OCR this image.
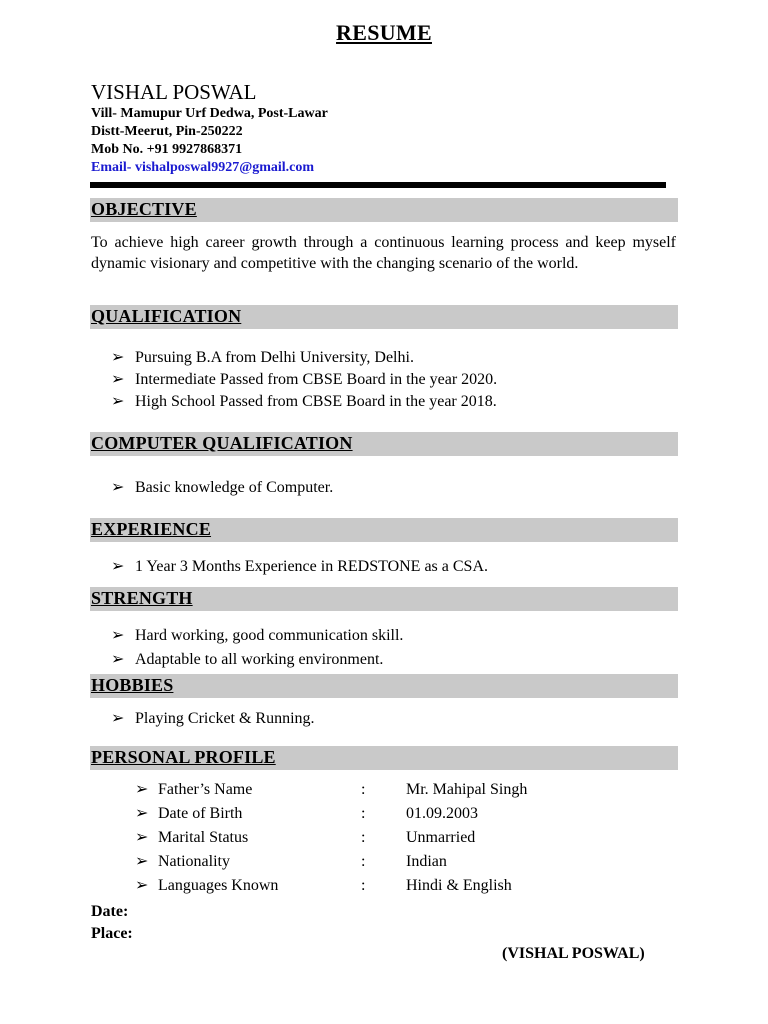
RESUME
VISHAL POSWAL
Vill- Mamupur Urf Dedwa, Post-Lawar
Distt-Meerut, Pin-250222
Mob No. +91 9927868371
Email- vishalposwal9927@gmail.com
OBJECTIVE
To achieve high career growth through a continuous learning process and keep myself dynamic visionary and competitive with the changing scenario of the world.
QUALIFICATION
➢ Pursuing B.A from Delhi University, Delhi.
➢ Intermediate Passed from CBSE Board in the year 2020.
➢ High School Passed from CBSE Board in the year 2018.
COMPUTER QUALIFICATION
➢ Basic knowledge of Computer.
EXPERIENCE
➢ 1 Year 3 Months Experience in REDSTONE as a CSA.
STRENGTH
➢ Hard working, good communication skill.
➢ Adaptable to all working environment.
HOBBIES
➢ Playing Cricket & Running.
PERSONAL PROFILE
➢ Father’s Name	:	Mr. Mahipal Singh
➢ Date of Birth	:	01.09.2003
➢ Marital Status	:	Unmarried
➢ Nationality	:	Indian
➢ Languages Known	:	Hindi & English
Date:
Place:
(VISHAL POSWAL)
